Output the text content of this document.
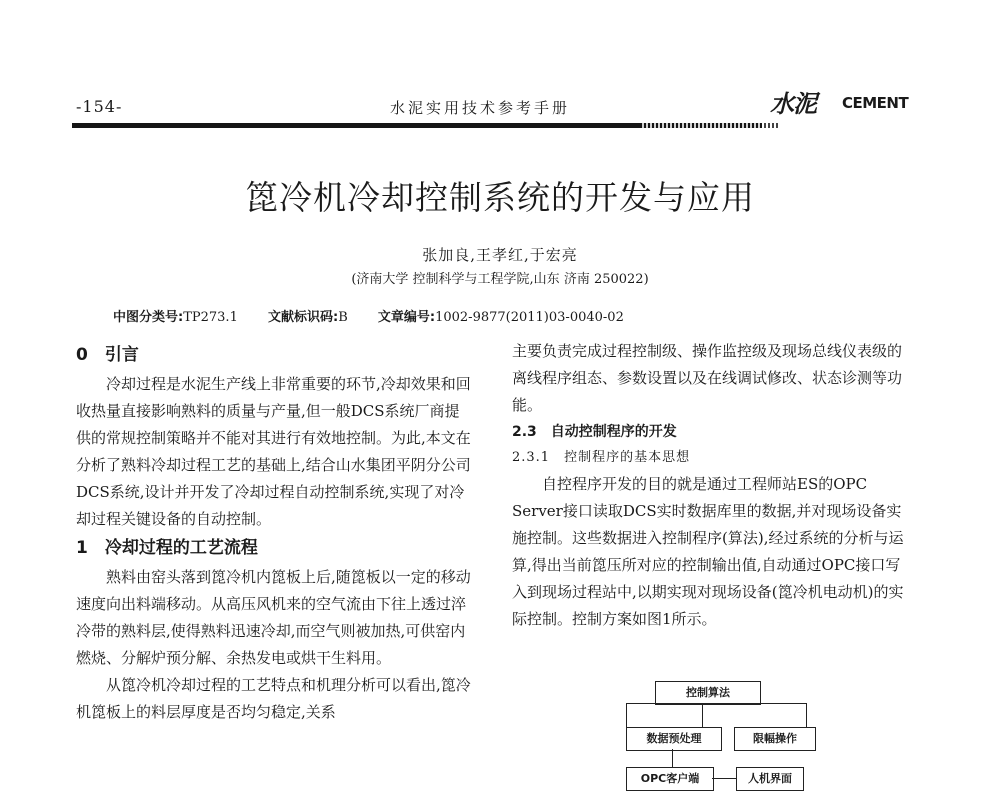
-154-	水泥实用技术参考手册	水泥 CEMENT
箆冷机冷却控制系统的开发与应用
张加良,王孝红,于宏亮
(济南大学 控制科学与工程学院,山东 济南 250022)
中图分类号:TP273.1 　　 文献标识码:B 　　 文章编号:1002-9877(2011)03-0040-02
0　引言

冷却过程是水泥生产线上非常重要的环节,冷却效果和回收热量直接影响熟料的质量与产量,但一般DCS系统厂商提供的常规控制策略并不能对其进行有效地控制。为此,本文在分析了熟料冷却过程工艺的基础上,结合山水集团平阴分公司DCS系统,设计并开发了冷却过程自动控制系统,实现了对冷却过程关键设备的自动控制。

1　冷却过程的工艺流程

熟料由窑头落到箆冷机内箆板上后,随箆板以一定的移动速度向出料端移动。从高压风机来的空气流由下往上透过淬冷带的熟料层,使得熟料迅速冷却,而空气则被加热,可供窑内燃烧、分解炉预分解、余热发电或烘干生料用。

从箆冷机冷却过程的工艺特点和机理分析可以看出,箆冷机箆板上的料层厚度是否均匀稳定,关系

主要负责完成过程控制级、操作监控级及现场总线仪表级的离线程序组态、参数设置以及在线调试修改、状态诊测等功能。

2.3　自动控制程序的开发
2.3.1　控制程序的基本思想

自控程序开发的目的就是通过工程师站ES的OPC Server接口读取DCS实时数据库里的数据,并对现场设备实施控制。这些数据进入控制程序(算法),经过系统的分析与运算,得出当前箆压所对应的控制输出值,自动通过OPC接口写入到现场过程站中,以期实现对现场设备(箆冷机电动机)的实际控制。控制方案如图1所示。

控制算法
数据预处理	限幅操作
OPC客户端	人机界面
